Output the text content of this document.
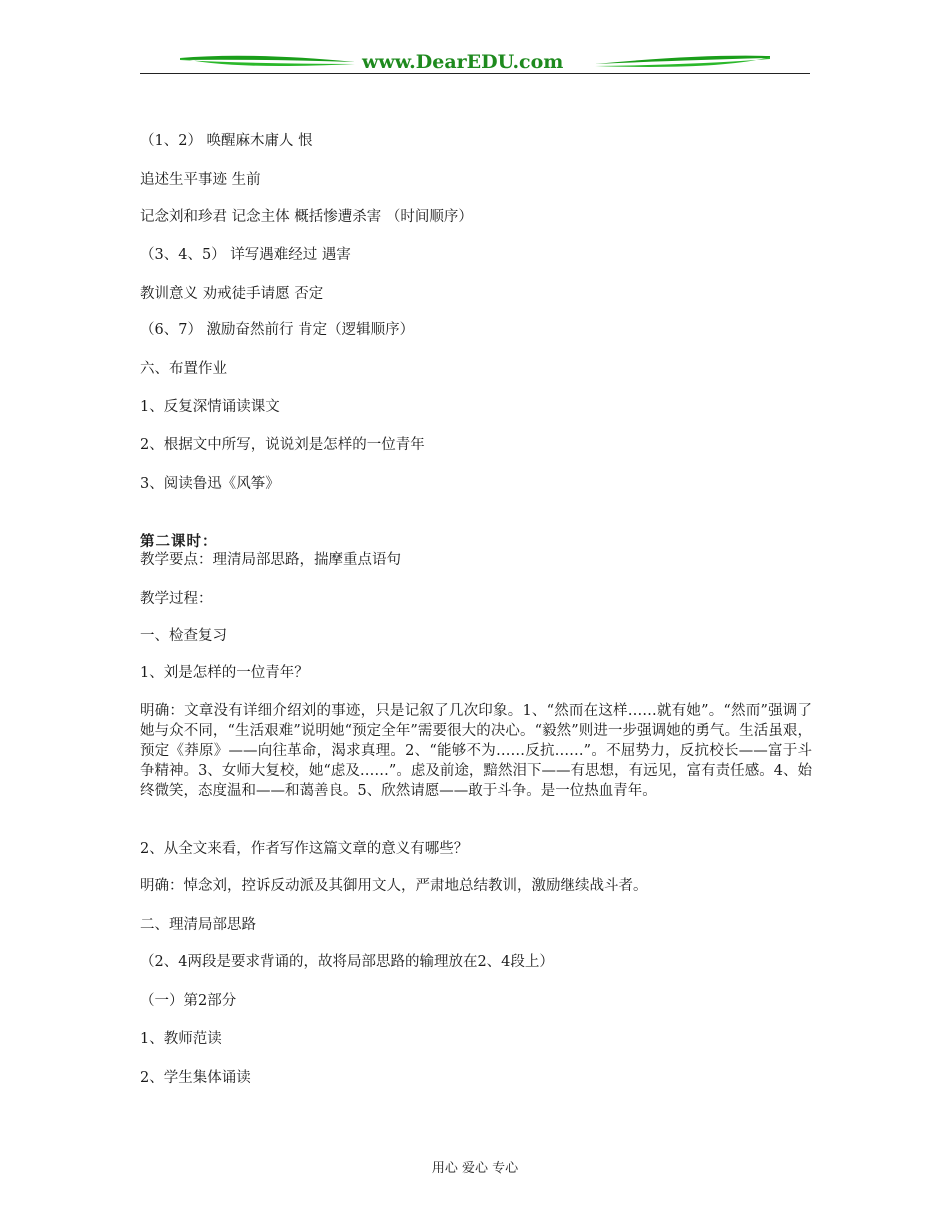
www.DearEDU.com
（1、2） 唤醒麻木庸人 恨
追述生平事迹 生前
记念刘和珍君 记念主体 概括惨遭杀害 （时间顺序）
（3、4、5） 详写遇难经过 遇害
教训意义 劝戒徒手请愿 否定
（6、7） 激励奋然前行 肯定（逻辑顺序）
六、布置作业
1、反复深情诵读课文
2、根据文中所写，说说刘是怎样的一位青年
3、阅读鲁迅《风筝》
第二课时：
教学要点：理清局部思路，揣摩重点语句
教学过程：
一、检查复习
1、刘是怎样的一位青年？
明确：文章没有详细介绍刘的事迹，只是记叙了几次印象。1、“然而在这样……就有她”。“然而”强调了她与众不同，“生活艰难”说明她“预定全年”需要很大的决心。“毅然”则进一步强调她的勇气。生活虽艰，预定《莽原》——向往革命，渴求真理。2、“能够不为……反抗……”。不屈势力，反抗校长——富于斗争精神。3、女师大复校，她“虑及……”。虑及前途，黯然泪下——有思想，有远见，富有责任感。4、始终微笑，态度温和——和蔼善良。5、欣然请愿——敢于斗争。是一位热血青年。
2、从全文来看，作者写作这篇文章的意义有哪些？
明确：悼念刘，控诉反动派及其御用文人，严肃地总结教训，激励继续战斗者。
二、理清局部思路
（2、4两段是要求背诵的，故将局部思路的输理放在2、4段上）
（一）第2部分
1、教师范读
2、学生集体诵读
用心 爱心 专心
